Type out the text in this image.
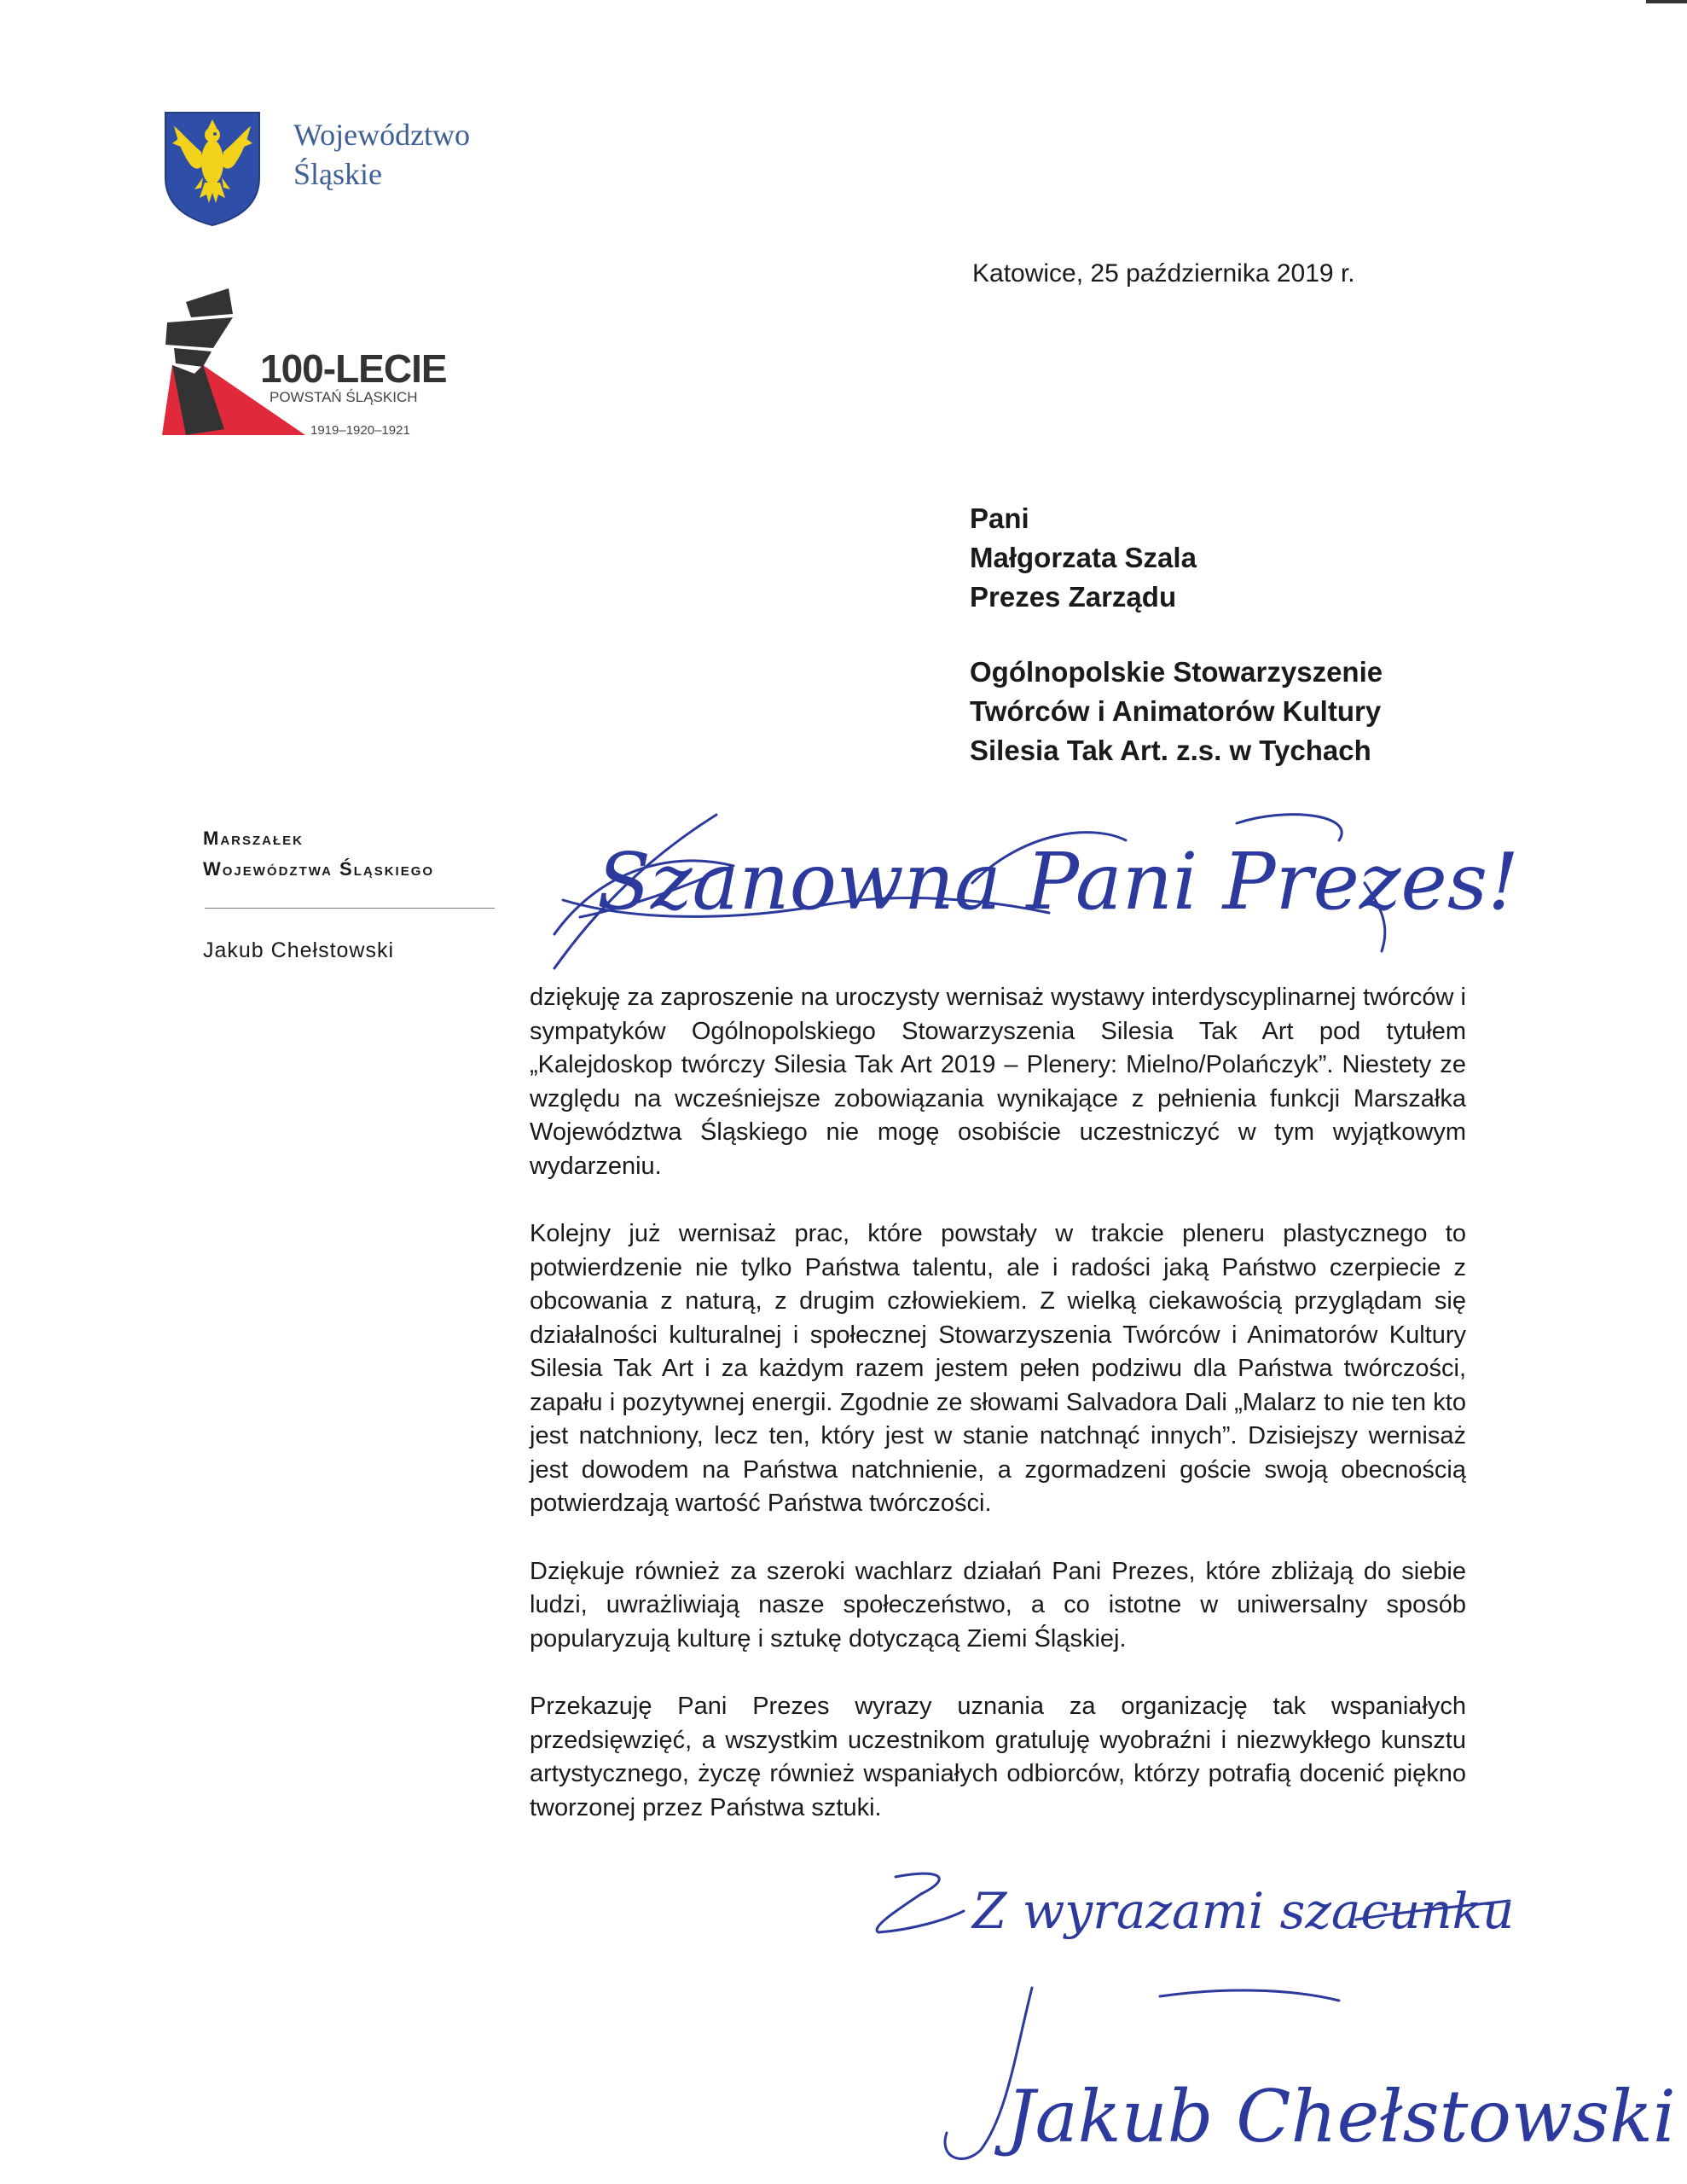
Województwo
Śląskie
100-LECIE
POWSTAŃ ŚLĄSKICH
1919–1920–1921
Katowice, 25 października 2019 r.
Pani
Małgorzata Szala
Prezes Zarządu
Ogólnopolskie Stowarzyszenie
Twórców i Animatorów Kultury
Silesia Tak Art. z.s. w Tychach
Marszałek
Województwa Śląskiego
Jakub Chełstowski
Szanowna Pani Prezes!

dziękuję za zaproszenie na uroczysty wernisaż wystawy interdyscyplinarnej twórców i sympatyków Ogólnopolskiego Stowarzyszenia Silesia Tak Art pod tytułem „Kalejdoskop twórczy Silesia Tak Art 2019 – Plenery: Mielno/Polańczyk”. Niestety ze względu na wcześniejsze zobowiązania wynikające z pełnienia funkcji Marszałka Województwa Śląskiego nie mogę osobiście uczestniczyć w tym wyjątkowym wydarzeniu.

Kolejny już wernisaż prac, które powstały w trakcie pleneru plastycznego to potwierdzenie nie tylko Państwa talentu, ale i radości jaką Państwo czerpiecie z obcowania z naturą, z drugim człowiekiem. Z wielką ciekawością przyglądam się działalności kulturalnej i społecznej Stowarzyszenia Twórców i Animatorów Kultury Silesia Tak Art i za każdym razem jestem pełen podziwu dla Państwa twórczości, zapału i pozytywnej energii. Zgodnie ze słowami Salvadora Dali „Malarz to nie ten kto jest natchniony, lecz ten, który jest w stanie natchnąć innych”. Dzisiejszy wernisaż jest dowodem na Państwa natchnienie, a zgormadzeni goście swoją obecnością potwierdzają wartość Państwa twórczości.

Dziękuje również za szeroki wachlarz działań Pani Prezes, które zbliżają do siebie ludzi, uwrażliwiają nasze społeczeństwo, a co istotne w uniwersalny sposób popularyzują kulturę i sztukę dotyczącą Ziemi Śląskiej.

Przekazuję Pani Prezes wyrazy uznania za organizację tak wspaniałych przedsięwzięć, a wszystkim uczestnikom gratuluję wyobraźni i niezwykłego kunsztu artystycznego, życzę również wspaniałych odbiorców, którzy potrafią docenić piękno tworzonej przez Państwa sztuki.

Z wyrazami szacunku
Jakub Chełstowski
